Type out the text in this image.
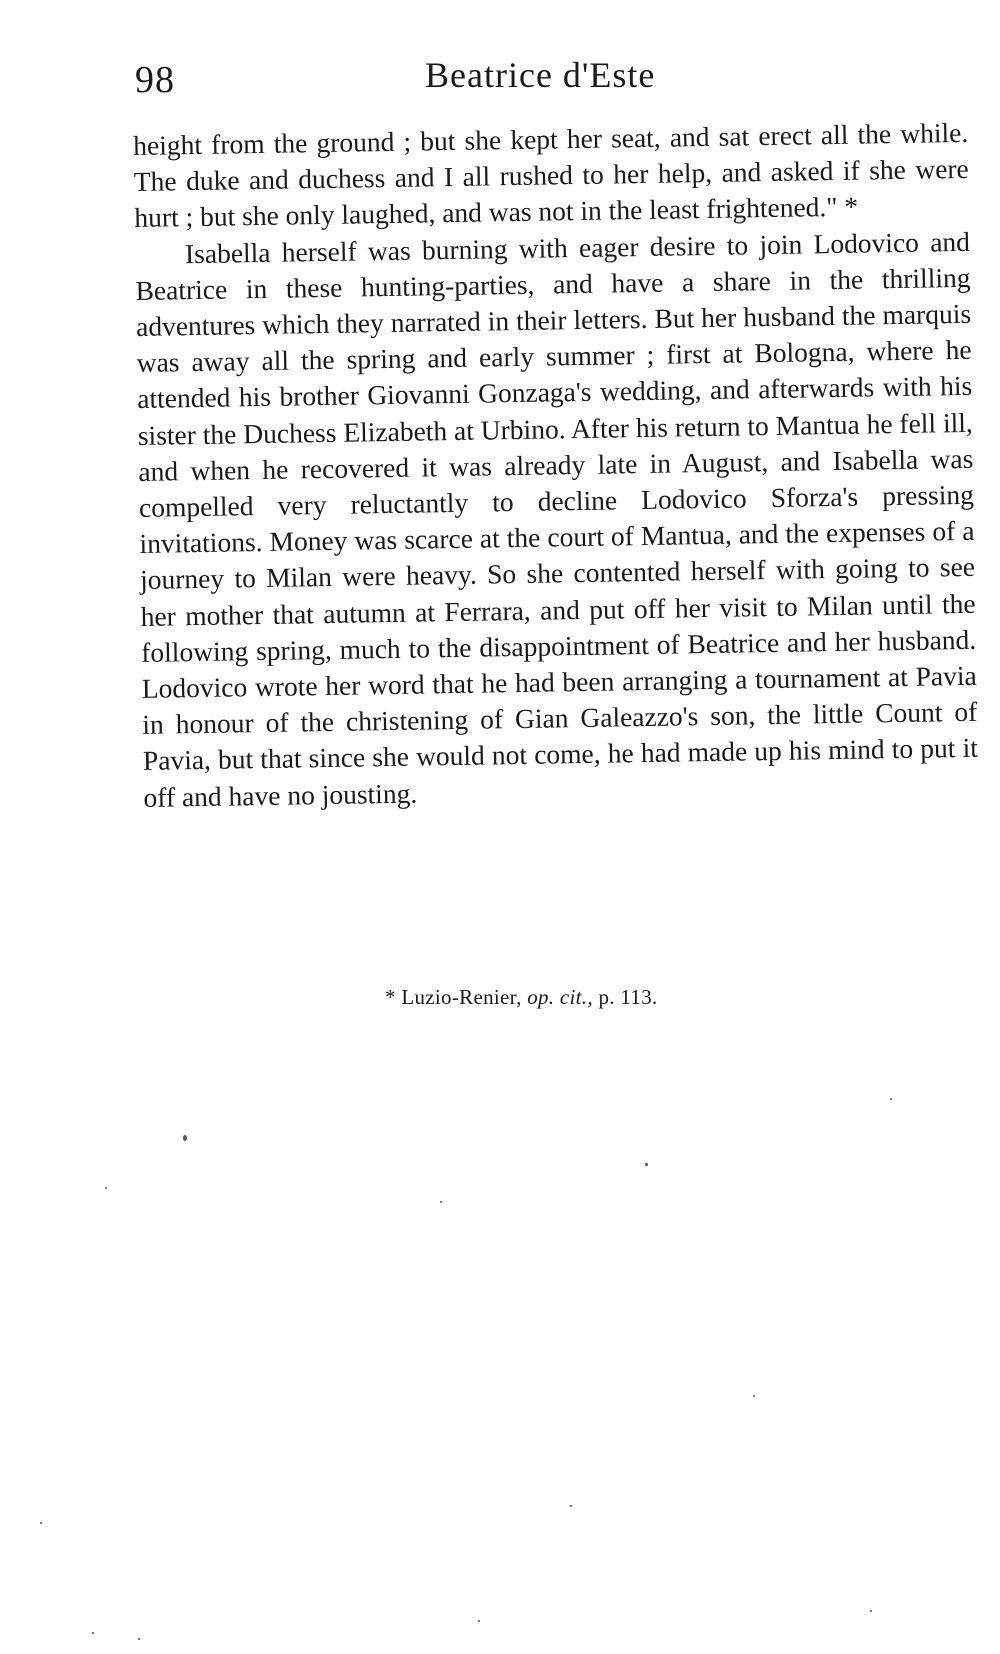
98	Beatrice d'Este

height from the ground ; but she kept her seat, and sat erect all the while. The duke and duchess and I all rushed to her help, and asked if she were hurt ; but she only laughed, and was not in the least frightened." *

Isabella herself was burning with eager desire to join Lodovico and Beatrice in these hunting-parties, and have a share in the thrilling adventures which they narrated in their letters. But her husband the marquis was away all the spring and early summer ; first at Bologna, where he attended his brother Giovanni Gonzaga's wedding, and afterwards with his sister the Duchess Elizabeth at Urbino. After his return to Mantua he fell ill, and when he recovered it was already late in August, and Isabella was compelled very reluctantly to decline Lodovico Sforza's pressing invitations. Money was scarce at the court of Mantua, and the expenses of a journey to Milan were heavy. So she contented herself with going to see her mother that autumn at Ferrara, and put off her visit to Milan until the following spring, much to the disappointment of Beatrice and her husband. Lodovico wrote her word that he had been arranging a tournament at Pavia in honour of the christening of Gian Galeazzo's son, the little Count of Pavia, but that since she would not come, he had made up his mind to put it off and have no jousting.

* Luzio-Renier, op. cit., p. 113.
